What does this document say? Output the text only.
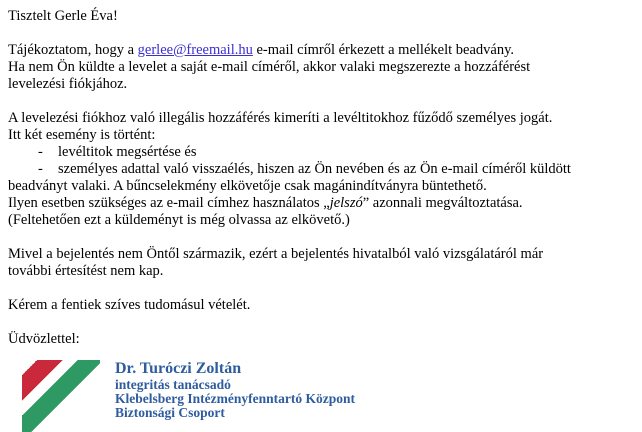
Tisztelt Gerle Éva!
Tájékoztatom, hogy a gerlee@freemail.hu e-mail címről érkezett a mellékelt beadvány.
Ha nem Ön küldte a levelet a saját e-mail címéről, akkor valaki megszerezte a hozzáférést
levelezési fiókjához.
A levelezési fiókhoz való illegális hozzáférés kimeríti a levéltitokhoz fűződő személyes jogát.
Itt két esemény is történt:
- levéltitok megsértése és
- személyes adattal való visszaélés, hiszen az Ön nevében és az Ön e-mail címéről küldött
beadványt valaki. A bűncselekmény elkövetője csak magánindítványra büntethető.
Ilyen esetben szükséges az e-mail címhez használatos „jelszó” azonnali megváltoztatása.
(Feltehetően ezt a küldeményt is még olvassa az elkövető.)
Mivel a bejelentés nem Öntől származik, ezért a bejelentés hivatalból való vizsgálatáról már
további értesítést nem kap.
Kérem a fentiek szíves tudomásul vételét.
Üdvözlettel:
Dr. Turóczi Zoltán
integritás tanácsadó
Klebelsberg Intézményfenntartó Központ
Biztonsági Csoport
